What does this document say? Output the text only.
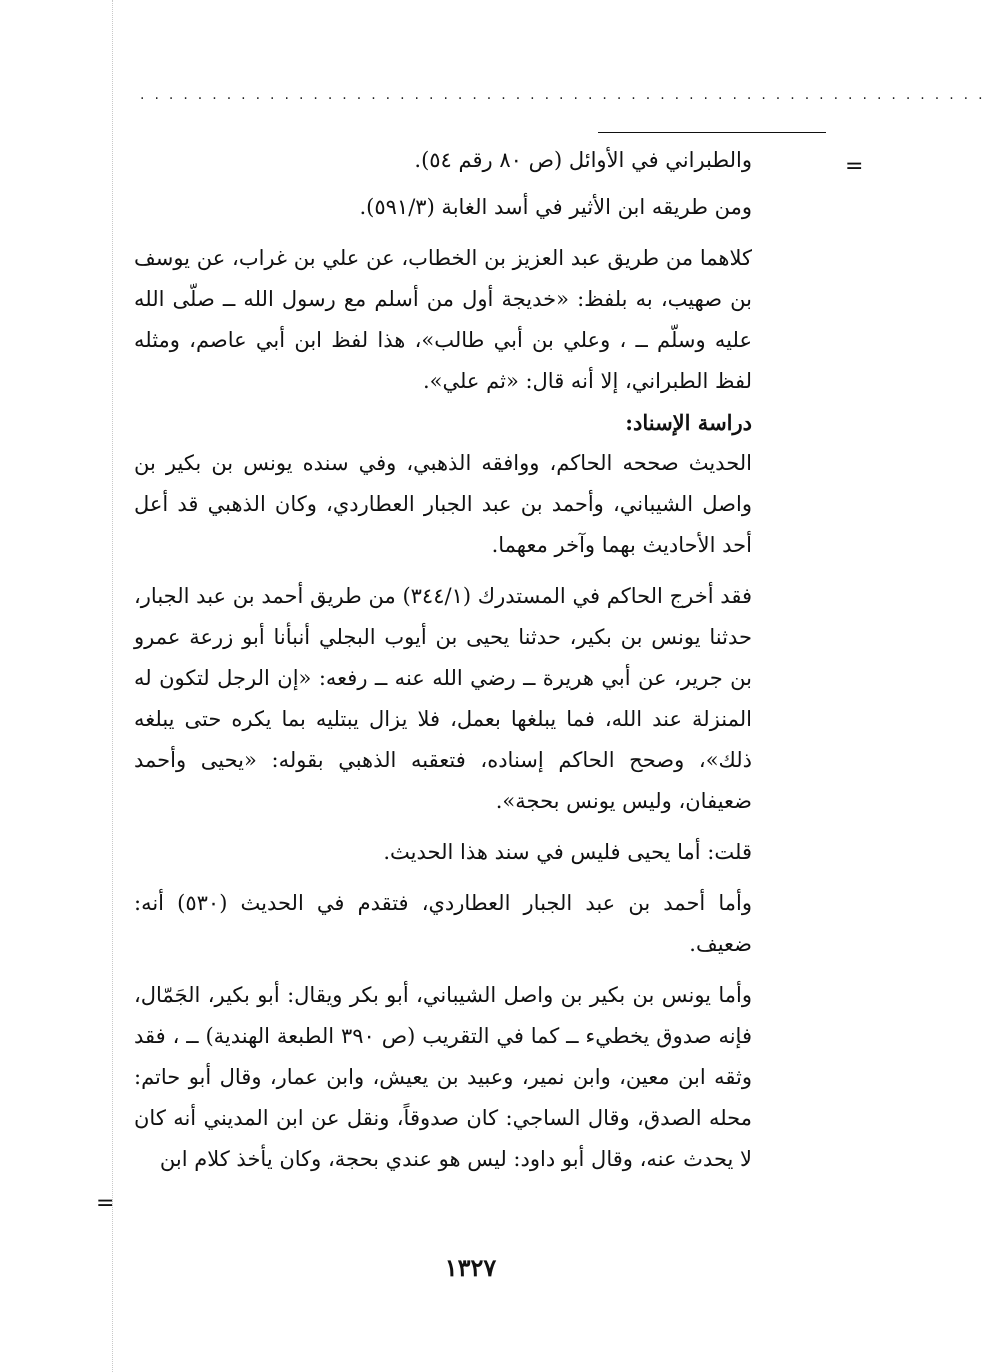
...........................................................
=
=

والطبراني في الأوائل (ص ٨٠ رقم ٥٤).

ومن طريقه ابن الأثير في أسد الغابة (٥٩١/٣).

كلاهما من طريق عبد العزيز بن الخطاب، عن علي بن غراب، عن يوسف بن صهيب، به بلفظ: «خديجة أول من أسلم مع رسول الله ــ صلّى الله عليه وسلّم ــ ، وعلي بن أبي طالب»، هذا لفظ ابن أبي عاصم، ومثله لفظ الطبراني، إلا أنه قال: «ثم علي».

دراسة الإسناد:

الحديث صححه الحاكم، ووافقه الذهبي، وفي سنده يونس بن بكير بن واصل الشيباني، وأحمد بن عبد الجبار العطاردي، وكان الذهبي قد أعل أحد الأحاديث بهما وآخر معهما.

فقد أخرج الحاكم في المستدرك (٣٤٤/١) من طريق أحمد بن عبد الجبار، حدثنا يونس بن بكير، حدثنا يحيى بن أيوب البجلي أنبأنا أبو زرعة عمرو بن جرير، عن أبي هريرة ــ رضي الله عنه ــ رفعه: «إن الرجل لتكون له المنزلة عند الله، فما يبلغها بعمل، فلا يزال يبتليه بما يكره حتى يبلغه ذلك»، وصحح الحاكم إسناده، فتعقبه الذهبي بقوله: «يحيى وأحمد ضعيفان، وليس يونس بحجة».

قلت: أما يحيى فليس في سند هذا الحديث.

وأما أحمد بن عبد الجبار العطاردي، فتقدم في الحديث (٥٣٠) أنه: ضعيف.

وأما يونس بن بكير بن واصل الشيباني، أبو بكر ويقال: أبو بكير، الجَمّال، فإنه صدوق يخطيء ــ كما في التقريب (ص ٣٩٠ الطبعة الهندية) ــ ، فقد وثقه ابن معين، وابن نمير، وعبيد بن يعيش، وابن عمار، وقال أبو حاتم: محله الصدق، وقال الساجي: كان صدوقاً، ونقل عن ابن المديني أنه كان لا يحدث عنه، وقال أبو داود: ليس هو عندي بحجة، وكان يأخذ كلام ابن

١٣٢٧
